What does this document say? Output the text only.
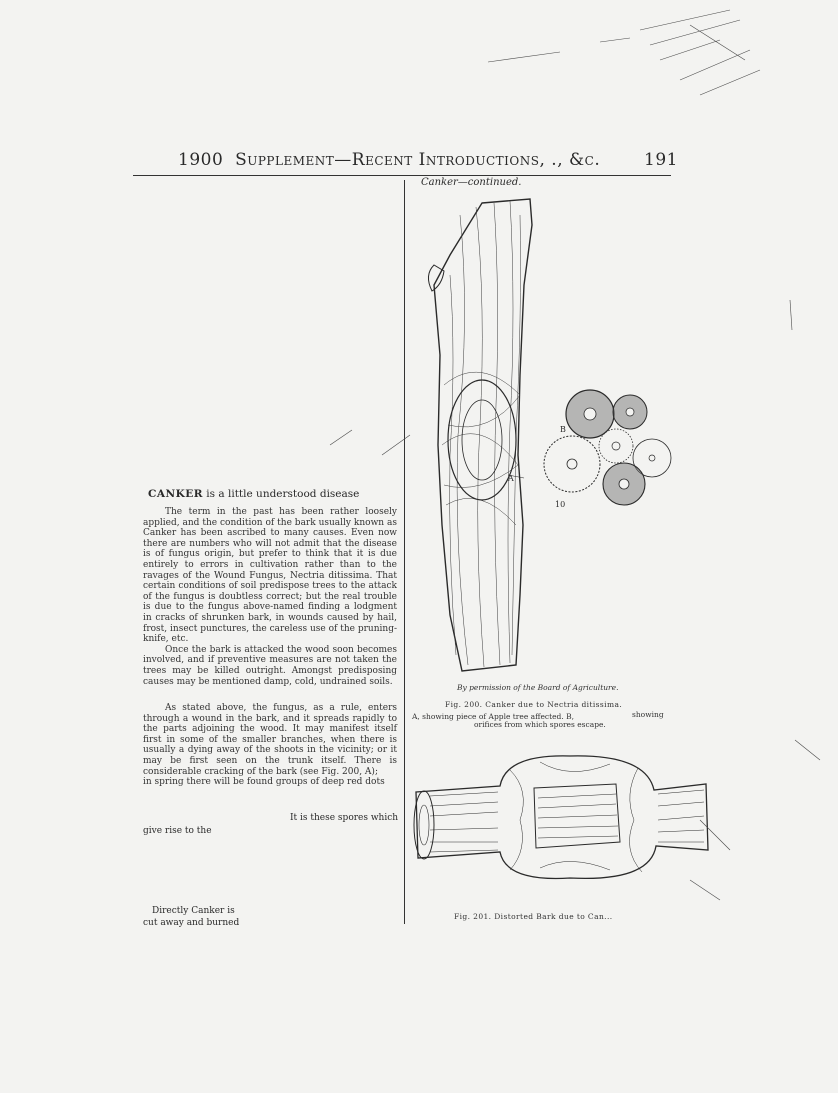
1900 Supplement—Recent Introductions, ., &c.	191
CANKER is a little understood disease

The term in the past has been rather loosely applied, and the condition of the bark usually known as Canker has been ascribed to many causes. Even now there are numbers who will not admit that the disease is of fungus origin, but prefer to think that it is due entirely to errors in cultivation rather than to the ravages of the Wound Fungus, Nectria ditissima. That certain conditions of soil predispose trees to the attack of the fungus is doubtless correct; but the real trouble is due to the fungus above-named finding a lodgment in cracks of shrunken bark, in wounds caused by hail, frost, insect punctures, the careless use of the pruning-knife, etc.

Once the bark is attacked the wood soon becomes involved, and if preventive measures are not taken the trees may be killed outright. Amongst predisposing causes may be mentioned damp, cold, undrained soils.

As stated above, the fungus, as a rule, enters through a wound in the bark, and it spreads rapidly to the parts adjoining the wood. It may manifest itself first in some of the smaller branches, when there is usually a dying away of the shoots in the vicinity; or it may be first seen on the trunk itself. There is considerable cracking of the bark (see Fig. 200, A);

in spring there will be found groups of deep red dots
It is these spores which
give rise to the
Directly Canker is
cut away and burned
Canker—continued.
A
B
10
By permission of the Board of Agriculture.
Fig. 200. Canker due to Nectria ditissima.
A, showing piece of Apple tree affected. B,	showing
orifices from which spores escape.
Fig. 201. Distorted Bark due to Can...
